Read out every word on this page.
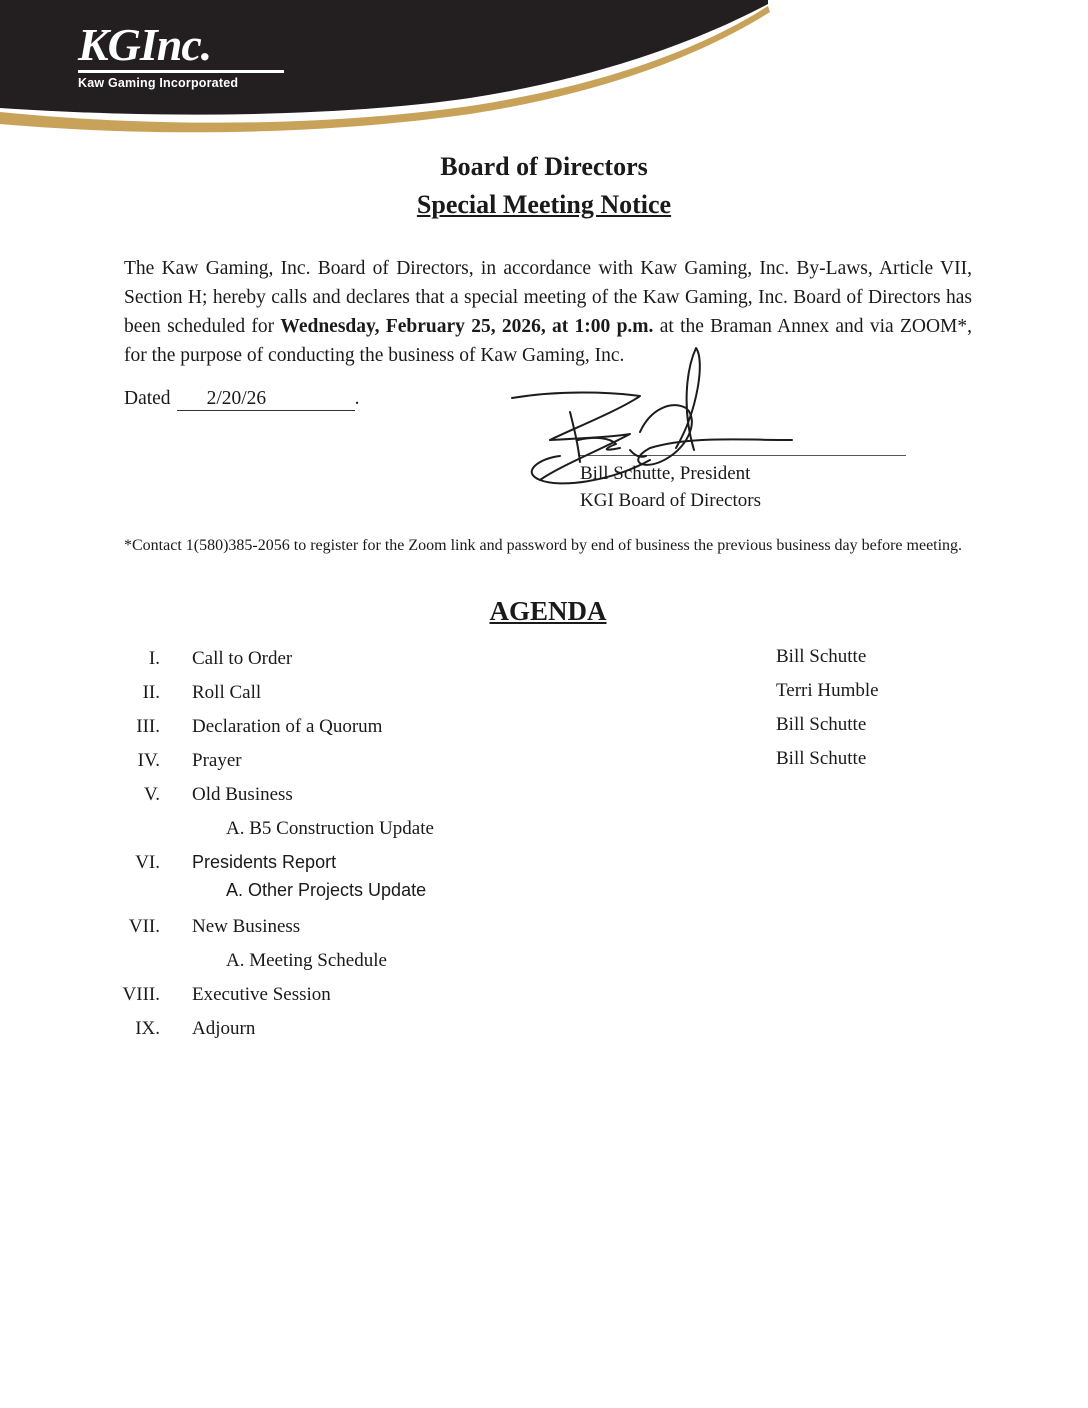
KGInc.
Kaw Gaming Incorporated
Board of Directors
Special Meeting Notice
The Kaw Gaming, Inc. Board of Directors, in accordance with Kaw Gaming, Inc. By-Laws, Article VII, Section H; hereby calls and declares that a special meeting of the Kaw Gaming, Inc. Board of Directors has been scheduled for Wednesday, February 25, 2026, at 1:00 p.m. at the Braman Annex and via ZOOM*, for the purpose of conducting the business of Kaw Gaming, Inc.
Dated 2/20/26	.
Bill Schutte, President
KGI Board of Directors
*Contact 1(580)385-2056 to register for the Zoom link and password by end of business the previous business day before meeting.
AGENDA
I. Call to Order	Bill Schutte
II. Roll Call	Terri Humble
III. Declaration of a Quorum	Bill Schutte
IV. Prayer	Bill Schutte
V. Old Business
A. B5 Construction Update
VI. Presidents Report
A. Other Projects Update
VII. New Business
A. Meeting Schedule
VIII. Executive Session
IX. Adjourn
